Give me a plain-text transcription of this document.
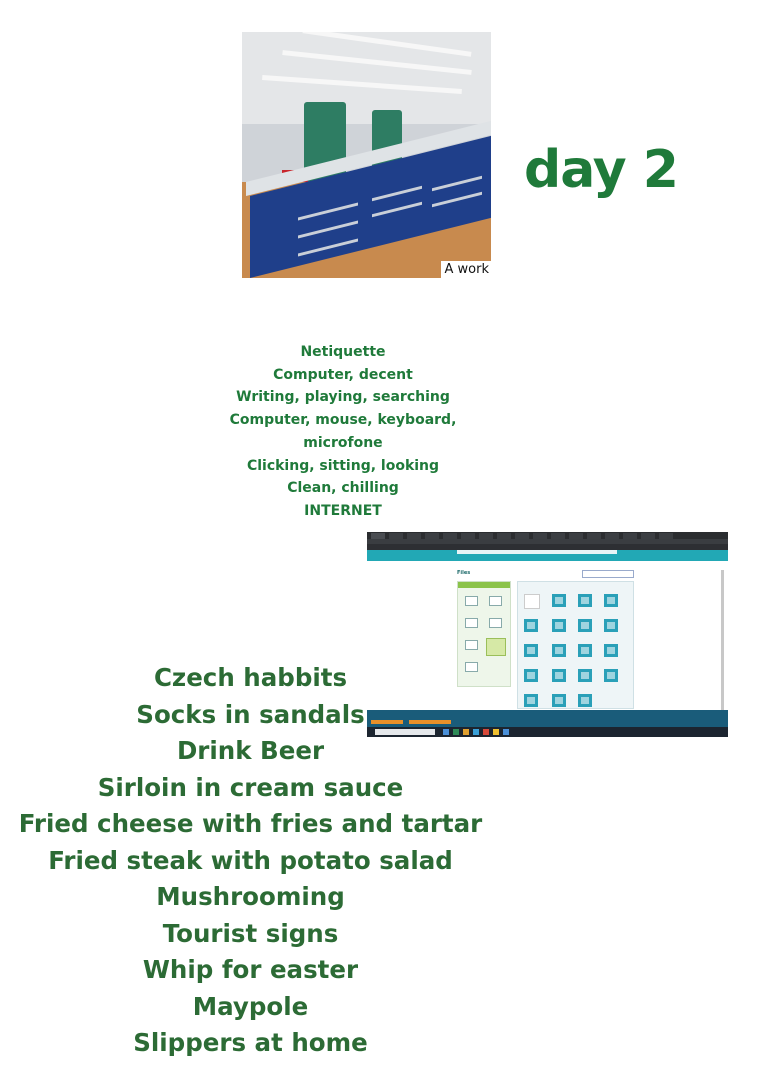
A work
day 2
Netiquette
Computer, decent
Writing, playing, searching
Computer, mouse, keyboard,
microfone
Clicking, sitting, looking
Clean, chilling
INTERNET
Files
Czech habbits
Socks in sandals
Drink Beer
Sirloin in cream sauce
Fried cheese with fries and tartar
Fried steak with potato salad
Mushrooming
Tourist signs
Whip for easter
Maypole
Slippers at home
